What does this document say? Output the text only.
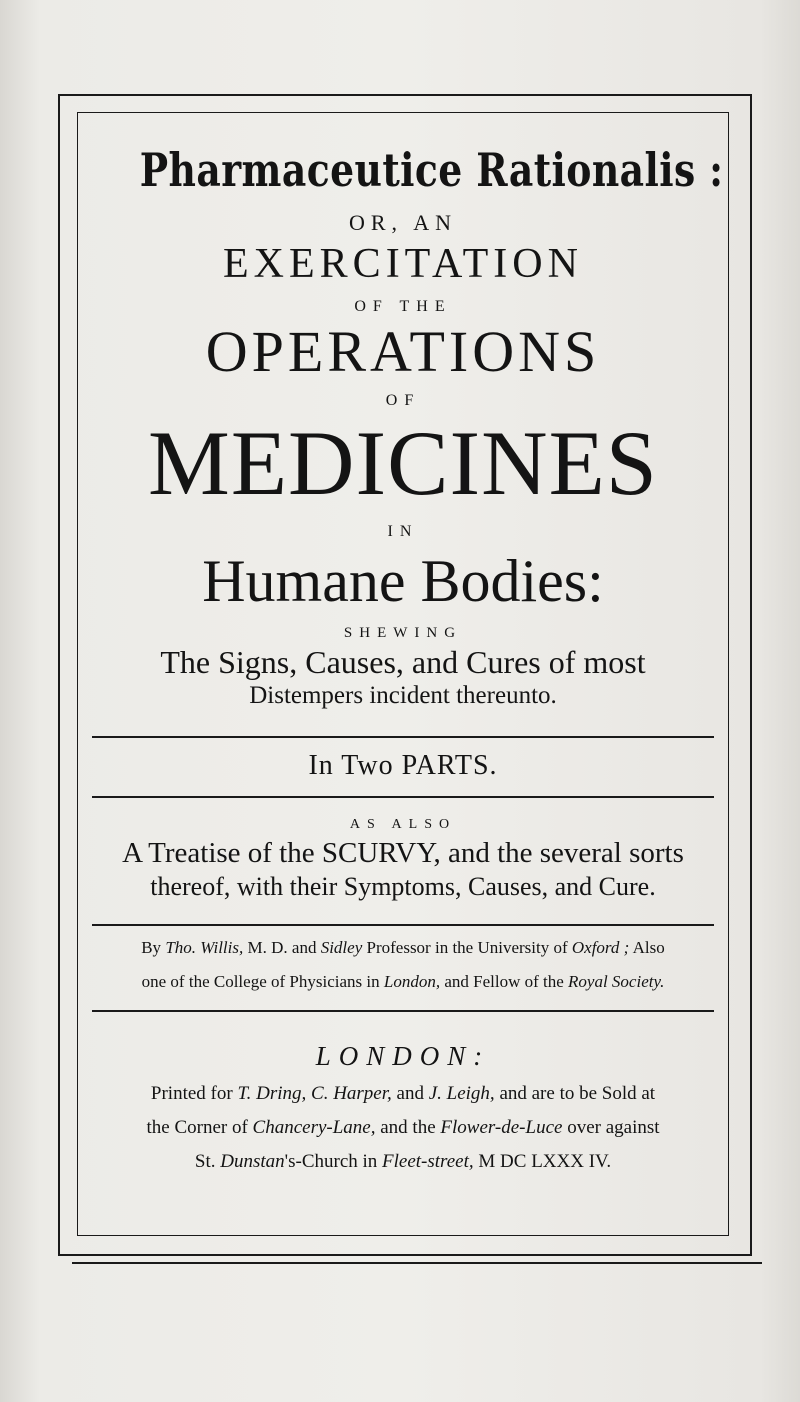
Pharmaceutice Rationalis :
OR, AN
EXERCITATION
OF THE
OPERATIONS
OF
MEDICINES
IN
Humane Bodies:
SHEWING
The Signs, Causes, and Cures of most
Distempers incident thereunto.
In Two PARTS.
AS ALSO
A Treatise of the SCURVY, and the several sorts
thereof, with their Symptoms, Causes, and Cure.
By Tho. Willis, M. D. and Sidley Professor in the University of Oxford ; Also
one of the College of Physicians in London, and Fellow of the Royal Society.
LONDON:
Printed for T. Dring, C. Harper, and J. Leigh, and are to be Sold at
the Corner of Chancery-Lane, and the Flower-de-Luce over against
St. Dunstan's-Church in Fleet-street, M DC LXXX IV.
